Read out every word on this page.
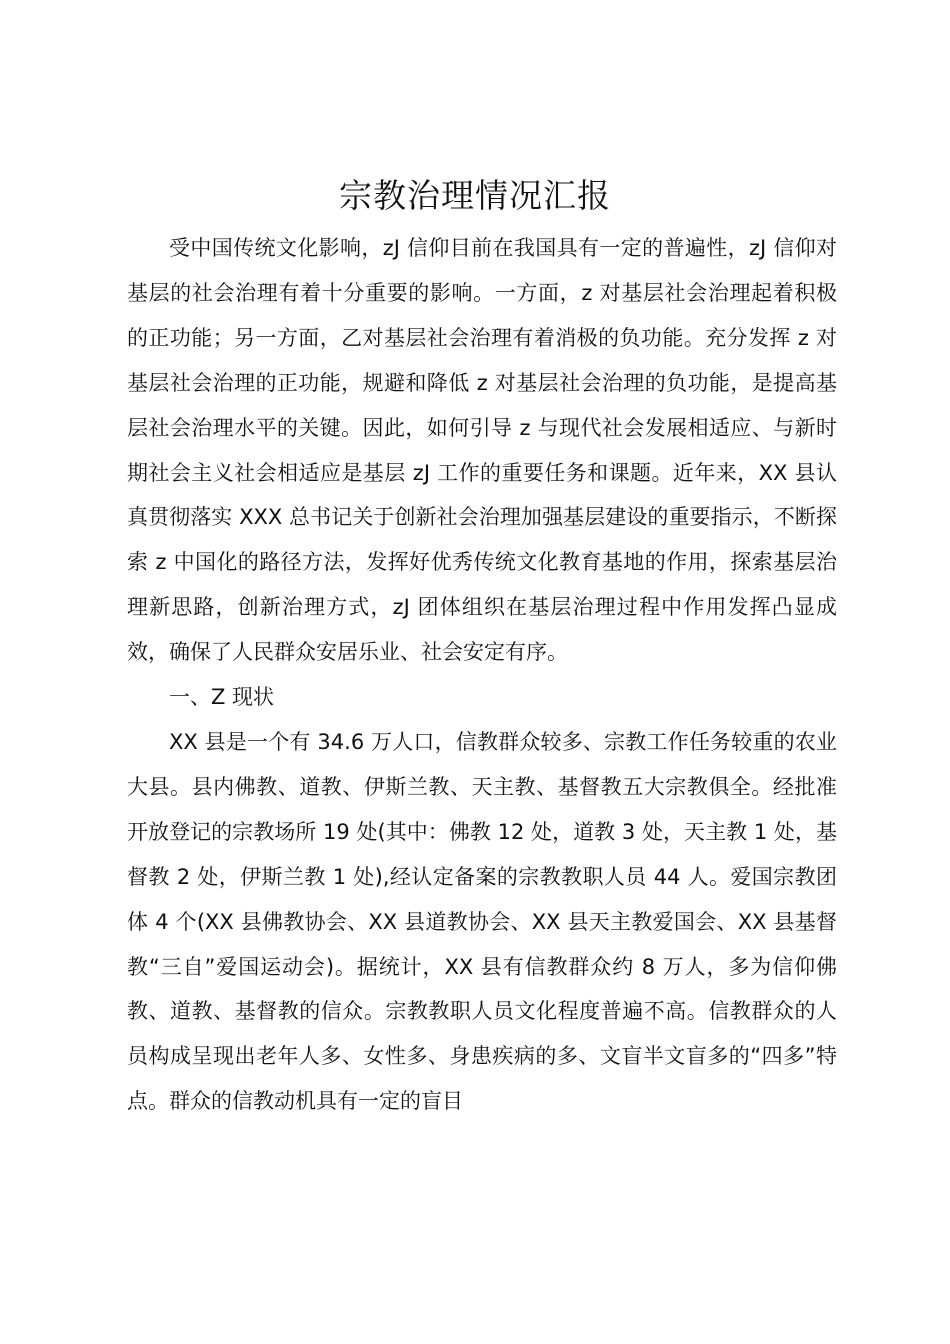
宗教治理情况汇报

受中国传统文化影响，zJ 信仰目前在我国具有一定的普遍性，zJ 信仰对基层的社会治理有着十分重要的影响。一方面，z 对基层社会治理起着积极的正功能；另一方面，乙对基层社会治理有着消极的负功能。充分发挥 z 对基层社会治理的正功能，规避和降低 z 对基层社会治理的负功能，是提高基层社会治理水平的关键。因此，如何引导 z 与现代社会发展相适应、与新时期社会主义社会相适应是基层 zJ 工作的重要任务和课题。近年来，XX 县认真贯彻落实 XXX 总书记关于创新社会治理加强基层建设的重要指示，不断探索 z 中国化的路径方法，发挥好优秀传统文化教育基地的作用，探索基层治理新思路，创新治理方式，zJ 团体组织在基层治理过程中作用发挥凸显成效，确保了人民群众安居乐业、社会安定有序。

一、Z 现状

XX 县是一个有 34.6 万人口，信教群众较多、宗教工作任务较重的农业大县。县内佛教、道教、伊斯兰教、天主教、基督教五大宗教俱全。经批准开放登记的宗教场所 19 处(其中：佛教 12 处，道教 3 处，天主教 1 处，基督教 2 处，伊斯兰教 1 处),经认定备案的宗教教职人员 44 人。爱国宗教团体 4 个(XX 县佛教协会、XX 县道教协会、XX 县天主教爱国会、XX 县基督教“三自”爱国运动会)。据统计，XX 县有信教群众约 8 万人，多为信仰佛教、道教、基督教的信众。宗教教职人员文化程度普遍不高。信教群众的人员构成呈现出老年人多、女性多、身患疾病的多、文盲半文盲多的“四多”特点。群众的信教动机具有一定的盲目
